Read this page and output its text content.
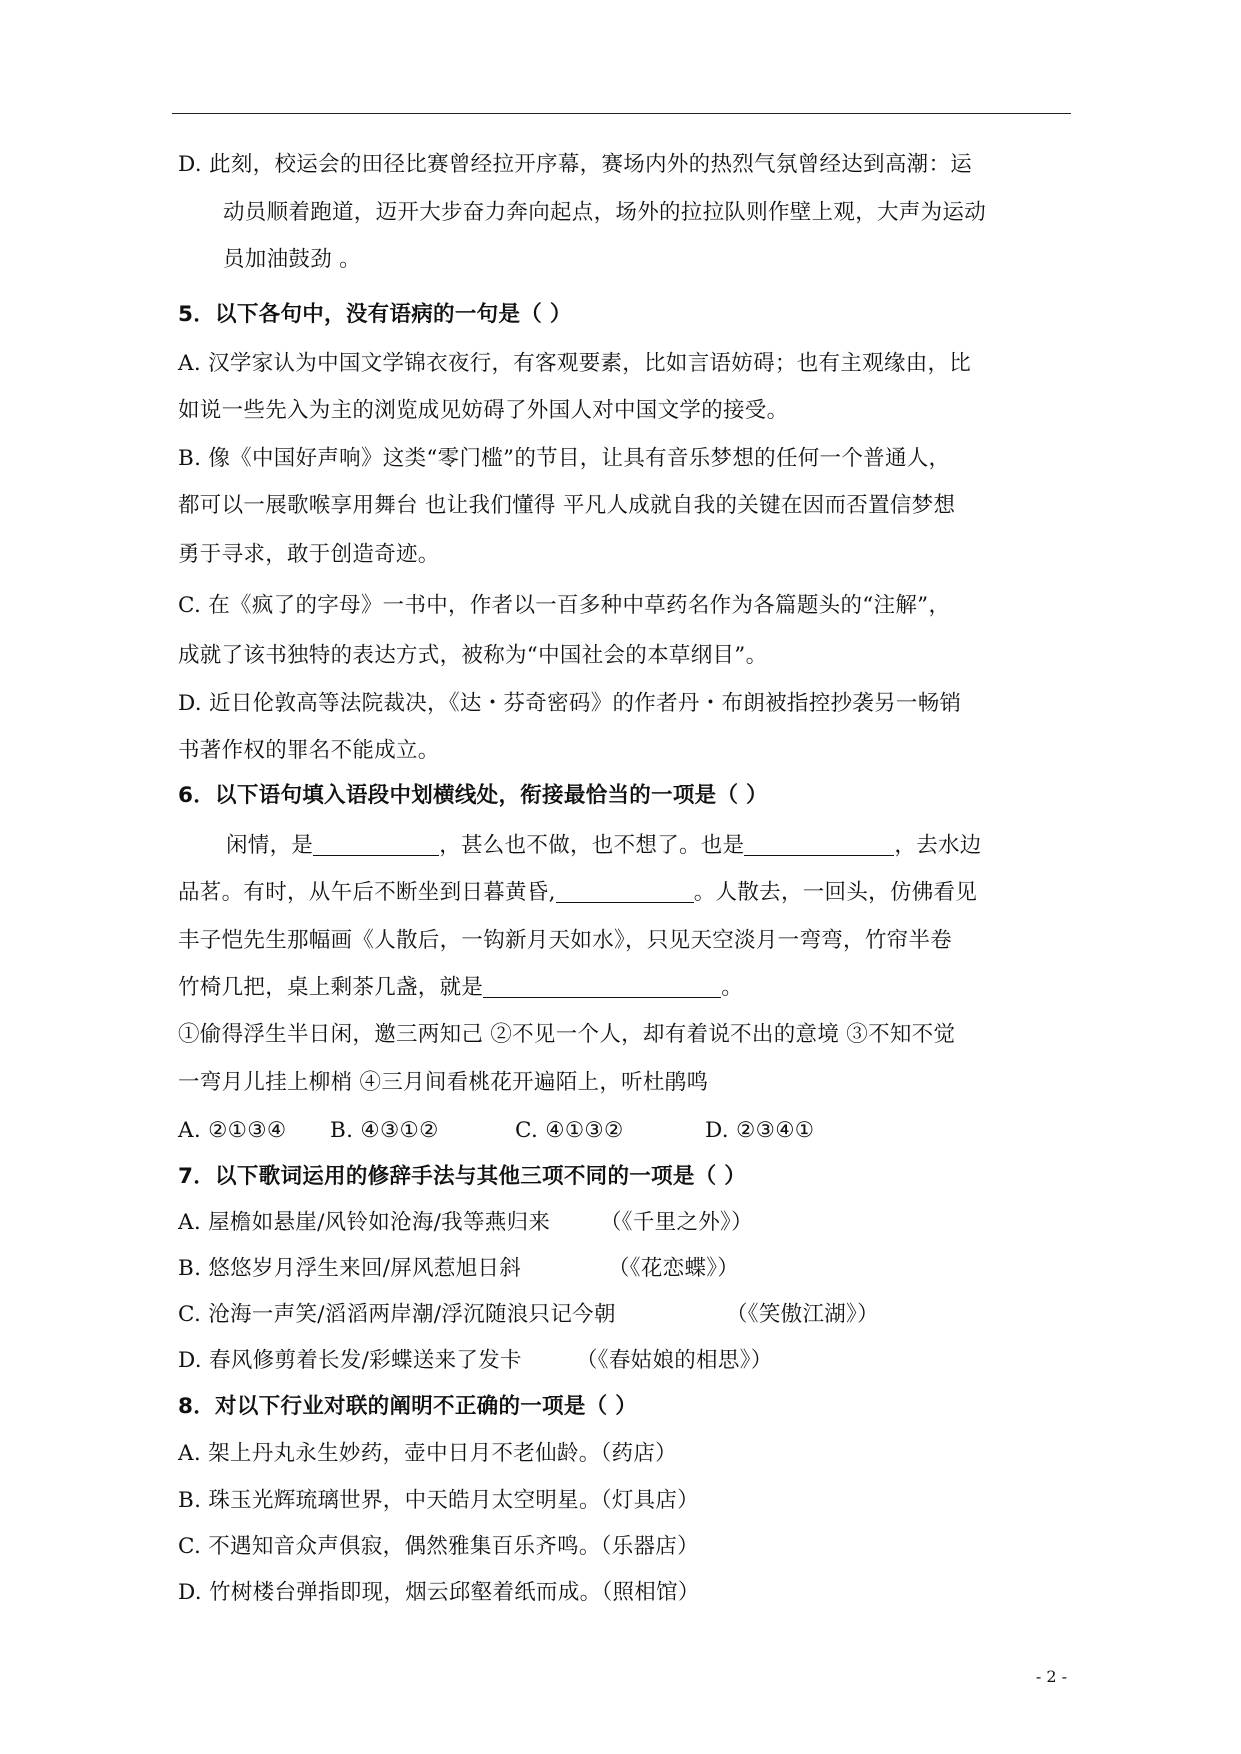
D. 此刻，校运会的田径比赛曾经拉开序幕，赛场内外的热烈气氛曾经达到高潮：运
动员顺着跑道，迈开大步奋力奔向起点，场外的拉拉队则作壁上观，大声为运动
员加油鼓劲 。
5．以下各句中，没有语病的一句是（ ）
A. 汉学家认为中国文学锦衣夜行，有客观要素，比如言语妨碍；也有主观缘由，比
如说一些先入为主的浏览成见妨碍了外国人对中国文学的接受。
B. 像《中国好声响》这类“零门槛”的节目，让具有音乐梦想的任何一个普通人，
都可以一展歌喉享用舞台 也让我们懂得 平凡人成就自我的关键在因而否置信梦想
勇于寻求，敢于创造奇迹。
C. 在《疯了的字母》一书中，作者以一百多种中草药名作为各篇题头的“注解”，
成就了该书独特的表达方式，被称为“中国社会的本草纲目”。
D. 近日伦敦高等法院裁决，《达・芬奇密码》的作者丹・布朗被指控抄袭另一畅销
书著作权的罪名不能成立。
6．以下语句填入语段中划横线处，衔接最恰当的一项是（ ）
闲情，是	，甚么也不做，也不想了。也是	，去水边
品茗。有时，从午后不断坐到日暮黄昏,	。人散去，一回头，仿佛看见
丰子恺先生那幅画《人散后，一钩新月天如水》，只见天空淡月一弯弯，竹帘半卷
竹椅几把，桌上剩茶几盏，就是	。
①偷得浮生半日闲，邀三两知己 ②不见一个人，却有着说不出的意境 ③不知不觉
一弯月儿挂上柳梢 ④三月间看桃花开遍陌上，听杜鹃鸣
A. ②①③④ B. ④③①②	C. ④①③②	D. ②③④①
7．以下歌词运用的修辞手法与其他三项不同的一项是（ ）
A. 屋檐如悬崖/风铃如沧海/我等燕归来 （《千里之外》）
B. 悠悠岁月浮生来回/屏风惹旭日斜	（《花恋蝶》）
C. 沧海一声笑/滔滔两岸潮/浮沉随浪只记今朝	（《笑傲江湖》）
D. 春风修剪着长发/彩蝶送来了发卡	（《春姑娘的相思》）
8．对以下行业对联的阐明不正确的一项是（ ）
A. 架上丹丸永生妙药，壶中日月不老仙龄。（药店）
B. 珠玉光辉琉璃世界，中天皓月太空明星。（灯具店）
C. 不遇知音众声俱寂，偶然雅集百乐齐鸣。（乐器店）
D. 竹树楼台弹指即现，烟云邱壑着纸而成。（照相馆）
- 2 -
